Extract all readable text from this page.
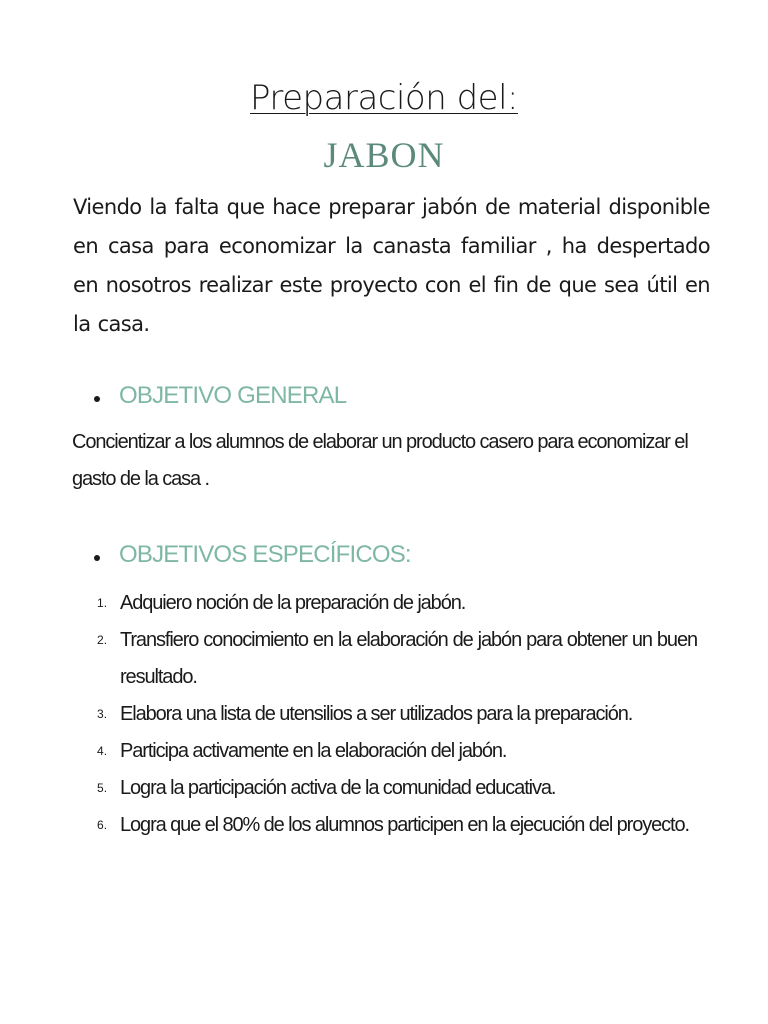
Preparación del:
JABON
Viendo la falta que hace preparar jabón de material disponible en casa para economizar la canasta familiar , ha despertado en nosotros realizar este proyecto con el fin de que sea útil en la casa.
OBJETIVO GENERAL
Concientizar a los alumnos de elaborar un producto casero para economizar el gasto de la casa .
OBJETIVOS ESPECÍFICOS:
1 . Adquiero noción de la preparación de jabón.
2 . Transfiero conocimiento en la elaboración de jabón para obtener un buen resultado.
3 . Elabora una lista de utensilios a ser utilizados para la preparación.
4 . Participa activamente en la elaboración del jabón.
5 . Logra la participación activa de la comunidad educativa.
6 . Logra que el 80% de los alumnos participen en la ejecución del proyecto.
